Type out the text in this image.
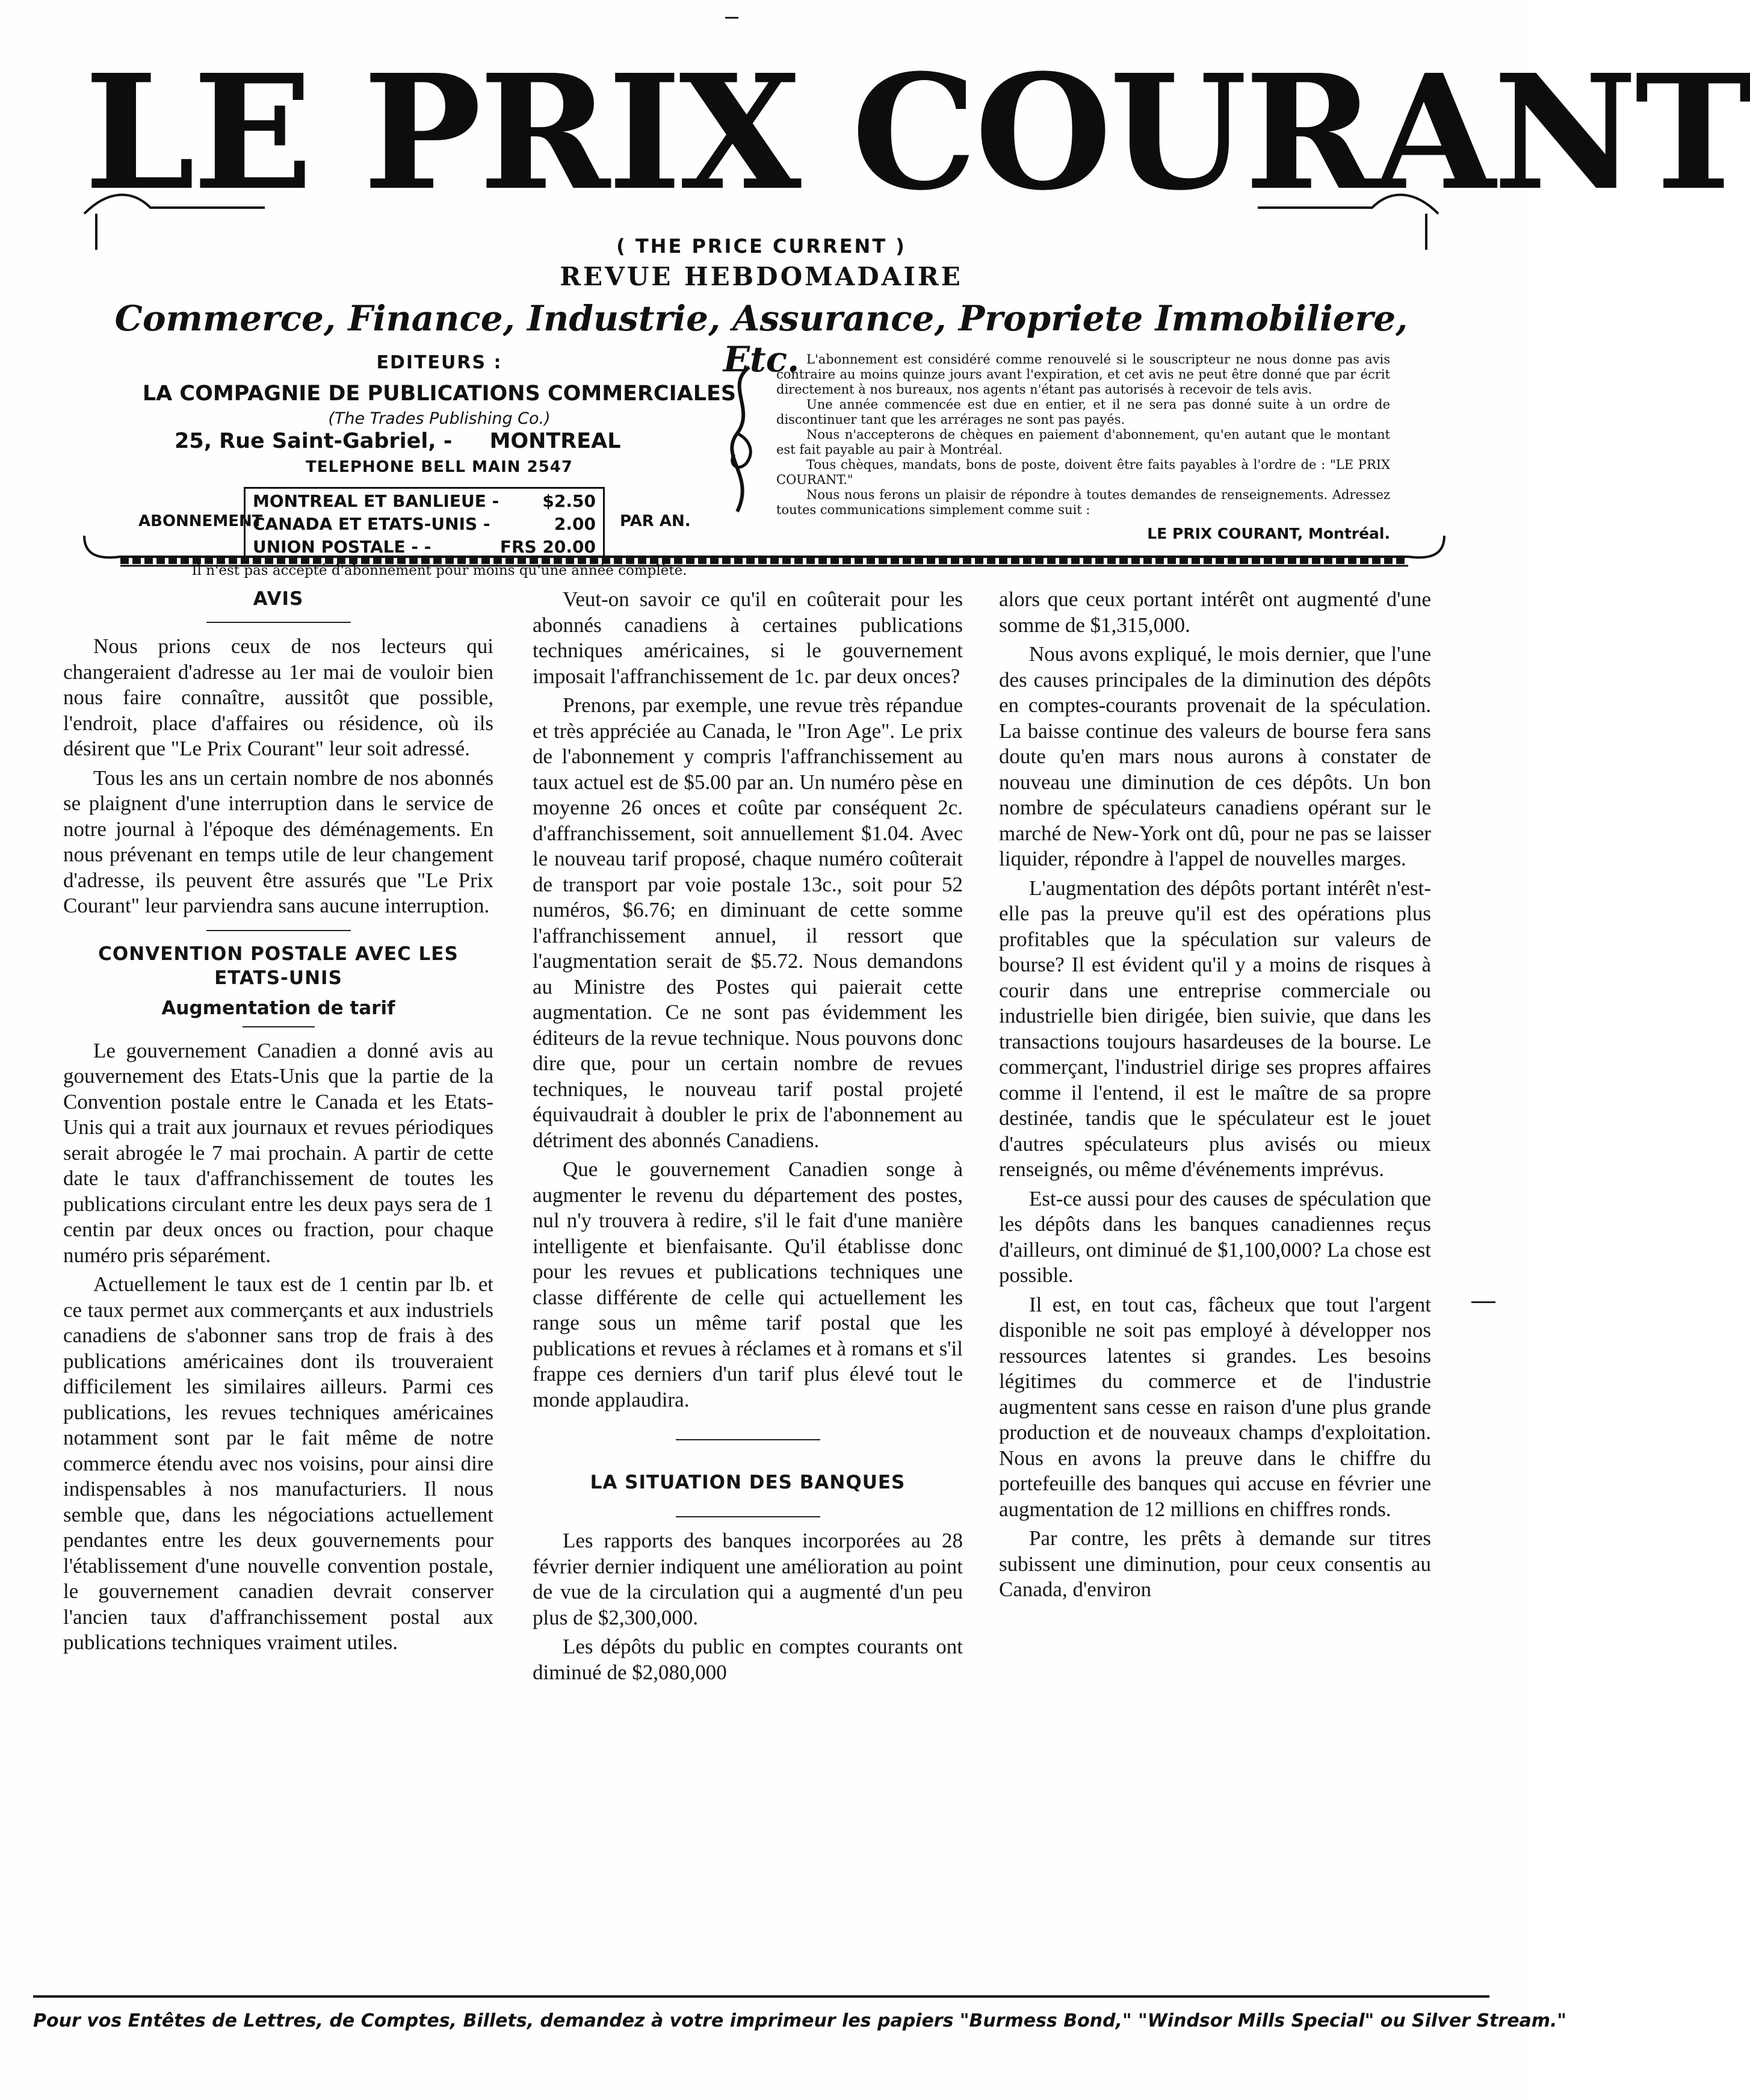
LE PRIX COURANT
( THE PRICE CURRENT )
REVUE HEBDOMADAIRE
Commerce, Finance, Industrie, Assurance, Propriete Immobiliere, Etc.
EDITEURS :
LA COMPAGNIE DE PUBLICATIONS COMMERCIALES
(The Trades Publishing Co.)
25, Rue Saint-Gabriel, - MONTREAL
TELEPHONE BELL MAIN 2547
ABONNEMENT
MONTREAL ET BANLIEUE -	$2.50
CANADA ET ETATS-UNIS -	2.00
UNION POSTALE - -	FRS 20.00
PAR AN.
Il n'est pas accepté d'abonnement pour moins qu'une année complète.

L'abonnement est considéré comme renouvelé si le souscripteur ne nous donne pas avis contraire au moins quinze jours avant l'expiration, et cet avis ne peut être donné que par écrit directement à nos bureaux, nos agents n'étant pas autorisés à recevoir de tels avis.

Une année commencée est due en entier, et il ne sera pas donné suite à un ordre de discontinuer tant que les arrérages ne sont pas payés.

Nous n'accepterons de chèques en paiement d'abonnement, qu'en autant que le montant est fait payable au pair à Montréal.

Tous chèques, mandats, bons de poste, doivent être faits payables à l'ordre de : "LE PRIX COURANT."

Nous nous ferons un plaisir de répondre à toutes demandes de renseignements. Adressez toutes communications simplement comme suit :

LE PRIX COURANT, Montréal.
AVIS

Nous prions ceux de nos lecteurs qui changeraient d'adresse au 1er mai de vouloir bien nous faire connaître, aussitôt que possible, l'endroit, place d'affaires ou résidence, où ils désirent que "Le Prix Courant" leur soit adressé.

Tous les ans un certain nombre de nos abonnés se plaignent d'une interruption dans le service de notre journal à l'époque des déménagements. En nous prévenant en temps utile de leur changement d'adresse, ils peuvent être assurés que "Le Prix Courant" leur parviendra sans aucune interruption.

CONVENTION POSTALE AVEC LES ETATS-UNIS
Augmentation de tarif

Le gouvernement Canadien a donné avis au gouvernement des Etats-Unis que la partie de la Convention postale entre le Canada et les Etats-Unis qui a trait aux journaux et revues périodiques serait abrogée le 7 mai prochain. A partir de cette date le taux d'affranchissement de toutes les publications circulant entre les deux pays sera de 1 centin par deux onces ou fraction, pour chaque numéro pris séparément.

Actuellement le taux est de 1 centin par lb. et ce taux permet aux commerçants et aux industriels canadiens de s'abonner sans trop de frais à des publications américaines dont ils trouveraient difficilement les similaires ailleurs. Parmi ces publications, les revues techniques américaines notamment sont par le fait même de notre commerce étendu avec nos voisins, pour ainsi dire indispensables à nos manufacturiers. Il nous semble que, dans les négociations actuellement pendantes entre les deux gouvernements pour l'établissement d'une nouvelle convention postale, le gouvernement canadien devrait conserver l'ancien taux d'affranchissement postal aux publications techniques vraiment utiles.

Veut-on savoir ce qu'il en coûterait pour les abonnés canadiens à certaines publications techniques américaines, si le gouvernement imposait l'affranchissement de 1c. par deux onces?

Prenons, par exemple, une revue très répandue et très appréciée au Canada, le "Iron Age". Le prix de l'abonnement y compris l'affranchissement au taux actuel est de $5.00 par an. Un numéro pèse en moyenne 26 onces et coûte par conséquent 2c. d'affranchissement, soit annuellement $1.04. Avec le nouveau tarif proposé, chaque numéro coûterait de transport par voie postale 13c., soit pour 52 numéros, $6.76; en diminuant de cette somme l'affranchissement annuel, il ressort que l'augmentation serait de $5.72. Nous demandons au Ministre des Postes qui paierait cette augmentation. Ce ne sont pas évidemment les éditeurs de la revue technique. Nous pouvons donc dire que, pour un certain nombre de revues techniques, le nouveau tarif postal projeté équivaudrait à doubler le prix de l'abonnement au détriment des abonnés Canadiens.

Que le gouvernement Canadien songe à augmenter le revenu du département des postes, nul n'y trouvera à redire, s'il le fait d'une manière intelligente et bienfaisante. Qu'il établisse donc pour les revues et publications techniques une classe différente de celle qui actuellement les range sous un même tarif postal que les publications et revues à réclames et à romans et s'il frappe ces derniers d'un tarif plus élevé tout le monde applaudira.

LA SITUATION DES BANQUES

Les rapports des banques incorporées au 28 février dernier indiquent une amélioration au point de vue de la circulation qui a augmenté d'un peu plus de $2,300,000.

Les dépôts du public en comptes courants ont diminué de $2,080,000

alors que ceux portant intérêt ont augmenté d'une somme de $1,315,000.

Nous avons expliqué, le mois dernier, que l'une des causes principales de la diminution des dépôts en comptes-courants provenait de la spéculation. La baisse continue des valeurs de bourse fera sans doute qu'en mars nous aurons à constater de nouveau une diminution de ces dépôts. Un bon nombre de spéculateurs canadiens opérant sur le marché de New-York ont dû, pour ne pas se laisser liquider, répondre à l'appel de nouvelles marges.

L'augmentation des dépôts portant intérêt n'est-elle pas la preuve qu'il est des opérations plus profitables que la spéculation sur valeurs de bourse? Il est évident qu'il y a moins de risques à courir dans une entreprise commerciale ou industrielle bien dirigée, bien suivie, que dans les transactions toujours hasardeuses de la bourse. Le commerçant, l'industriel dirige ses propres affaires comme il l'entend, il est le maître de sa propre destinée, tandis que le spéculateur est le jouet d'autres spéculateurs plus avisés ou mieux renseignés, ou même d'événements imprévus.

Est-ce aussi pour des causes de spéculation que les dépôts dans les banques canadiennes reçus d'ailleurs, ont diminué de $1,100,000? La chose est possible.

Il est, en tout cas, fâcheux que tout l'argent disponible ne soit pas employé à développer nos ressources latentes si grandes. Les besoins légitimes du commerce et de l'industrie augmentent sans cesse en raison d'une plus grande production et de nouveaux champs d'exploitation. Nous en avons la preuve dans le chiffre du portefeuille des banques qui accuse en février une augmentation de 12 millions en chiffres ronds.

Par contre, les prêts à demande sur titres subissent une diminution, pour ceux consentis au Canada, d'environ

Pour vos Entêtes de Lettres, de Comptes, Billets, demandez à votre imprimeur les papiers "Burmess Bond," "Windsor Mills Special" ou Silver Stream."
